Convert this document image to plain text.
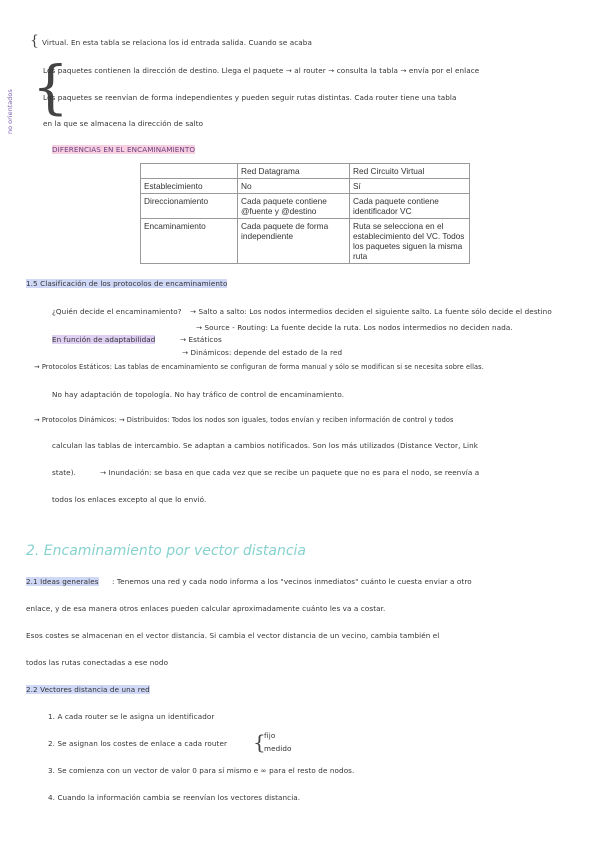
{ Virtual. En esta tabla se relaciona los id entrada salida. Cuando se acaba
no orientados {
Los paquetes contienen la dirección de destino. Llega el paquete → al router → consulta la tabla → envía por el enlace
Los paquetes se reenvían de forma independientes y pueden seguir rutas distintas. Cada router tiene una tabla
en la que se almacena la dirección de salto
DIFERENCIAS EN EL ENCAMINAMIENTO
	Red Datagrama	Red Circuito Virtual
Establecimiento	No	Sí
Direccionamiento	Cada paquete contiene @fuente y @destino	Cada paquete contiene identificador VC
Encaminamiento	Cada paquete de forma independiente	Ruta se selecciona en el establecimiento del VC. Todos los paquetes siguen la misma ruta
1.5 Clasificación de los protocolos de encaminamiento
¿Quién decide el encaminamiento? → Salto a salto: Los nodos intermedios deciden el siguiente salto. La fuente sólo decide el destino
→ Source - Routing: La fuente decide la ruta. Los nodos intermedios no deciden nada.
En función de adaptabilidad	→ Estáticos
→ Dinámicos: depende del estado de la red
→ Protocolos Estáticos: Las tablas de encaminamiento se configuran de forma manual y sólo se modifican si se necesita sobre ellas.
No hay adaptación de topología. No hay tráfico de control de encaminamiento.
→ Protocolos Dinámicos: → Distribuidos: Todos los nodos son iguales, todos envían y reciben información de control y todos
calculan las tablas de intercambio. Se adaptan a cambios notificados. Son los más utilizados (Distance Vector, Link
state).	→ Inundación: se basa en que cada vez que se recibe un paquete que no es para el nodo, se reenvía a
todos los enlaces excepto al que lo envió.
2. Encaminamiento por vector distancia
2.1 Ideas generales : Tenemos una red y cada nodo informa a los "vecinos inmediatos" cuánto le cuesta enviar a otro
enlace, y de esa manera otros enlaces pueden calcular aproximadamente cuánto les va a costar.
Esos costes se almacenan en el vector distancia. Si cambia el vector distancia de un vecino, cambia también el
todos las rutas conectadas a ese nodo
2.2 Vectores distancia de una red
1. A cada router se le asigna un identificador
2. Se asignan los costes de enlace a cada router {
fijo
medido
3. Se comienza con un vector de valor 0 para sí mismo e ∞ para el resto de nodos.
4. Cuando la información cambia se reenvían los vectores distancia.
